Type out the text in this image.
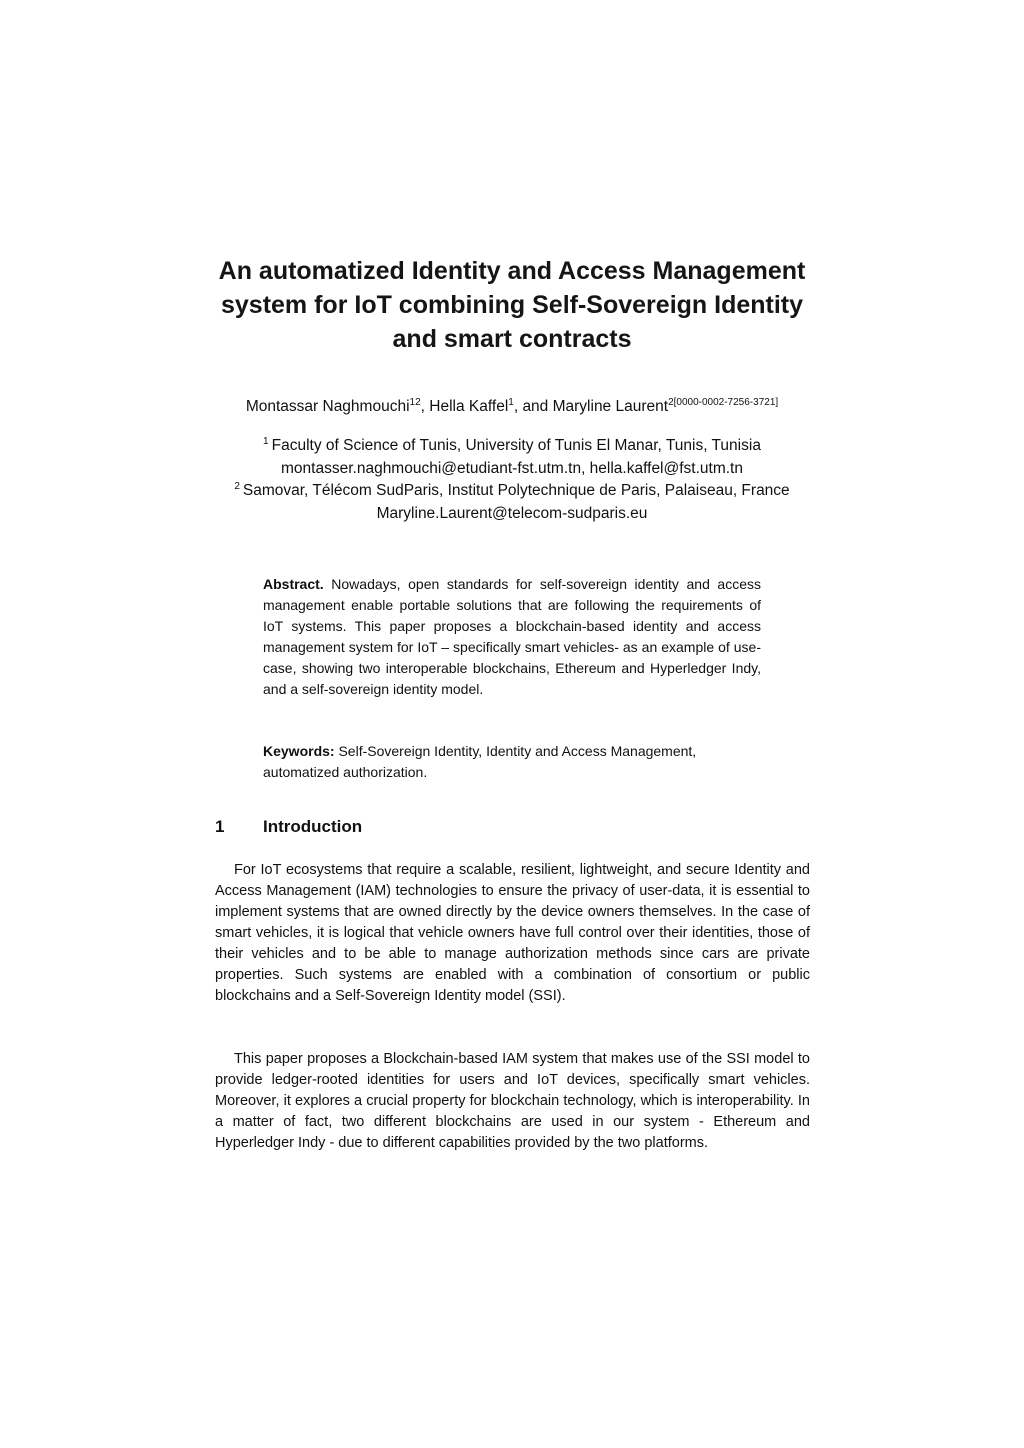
An automatized Identity and Access Management
system for IoT combining Self-Sovereign Identity
and smart contracts
Montassar Naghmouchi$^{12}$, Hella Kaffel$^1$, and Maryline Laurent$^{2[0000-0002-7256-3721]}$
$^1$ Faculty of Science of Tunis, University of Tunis El Manar, Tunis, Tunisia
montasser.naghmouchi@etudiant-fst.utm.tn, hella.kaffel@fst.utm.tn
$^2$ Samovar, Télécom SudParis, Institut Polytechnique de Paris, Palaiseau, France
Maryline.Laurent@telecom-sudparis.eu

Abstract. Nowadays, open standards for self-sovereign identity and access management enable portable solutions that are following the requirements of IoT systems. This paper proposes a blockchain-based identity and access management system for IoT – specifically smart vehicles- as an example of use-case, showing two interoperable blockchains, Ethereum and Hyperledger Indy, and a self-sovereign identity model.

Keywords: Self-Sovereign Identity, Identity and Access Management, automatized authorization.

1 Introduction

For IoT ecosystems that require a scalable, resilient, lightweight, and secure Identity and Access Management (IAM) technologies to ensure the privacy of user-data, it is essential to implement systems that are owned directly by the device owners themselves. In the case of smart vehicles, it is logical that vehicle owners have full control over their identities, those of their vehicles and to be able to manage authorization methods since cars are private properties. Such systems are enabled with a combination of consortium or public blockchains and a Self-Sovereign Identity model (SSI).

This paper proposes a Blockchain-based IAM system that makes use of the SSI model to provide ledger-rooted identities for users and IoT devices, specifically smart vehicles. Moreover, it explores a crucial property for blockchain technology, which is interoperability. In a matter of fact, two different blockchains are used in our system - Ethereum and Hyperledger Indy - due to different capabilities provided by the two platforms.
